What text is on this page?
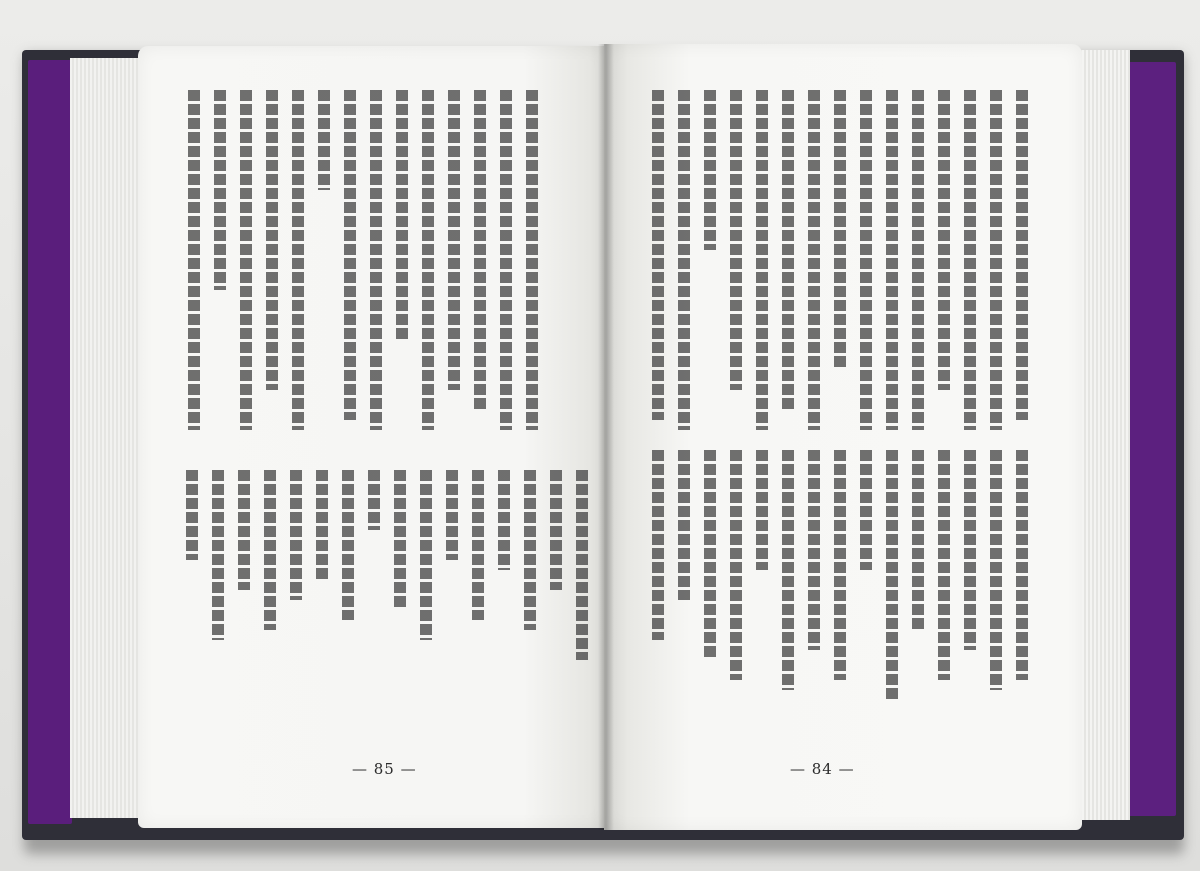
— 85 —	— 84 —
